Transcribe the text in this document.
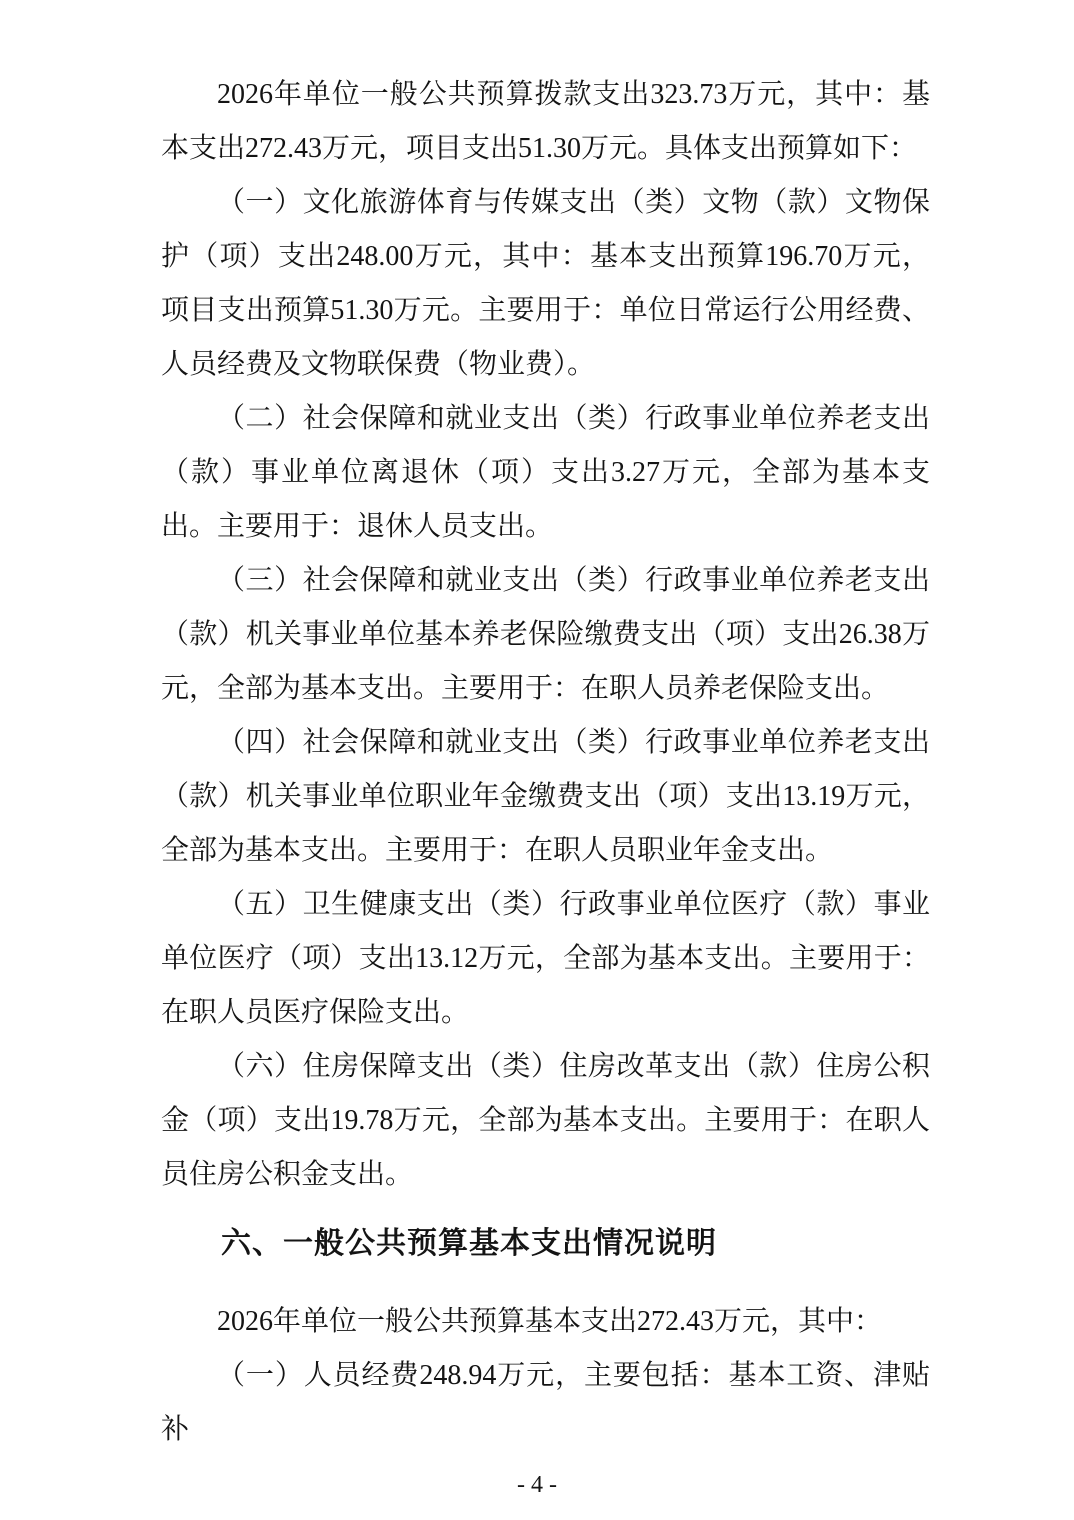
2026年单位一般公共预算拨款支出323.73万元，其中：基本支出272.43万元，项目支出51.30万元。具体支出预算如下：

（一）文化旅游体育与传媒支出（类）文物（款）文物保护（项）支出248.00万元，其中：基本支出预算196.70万元，项目支出预算51.30万元。主要用于：单位日常运行公用经费、人员经费及文物联保费（物业费）。

（二）社会保障和就业支出（类）行政事业单位养老支出（款）事业单位离退休（项）支出3.27万元，全部为基本支出。主要用于：退休人员支出。

（三）社会保障和就业支出（类）行政事业单位养老支出（款）机关事业单位基本养老保险缴费支出（项）支出26.38万元，全部为基本支出。主要用于：在职人员养老保险支出。

（四）社会保障和就业支出（类）行政事业单位养老支出（款）机关事业单位职业年金缴费支出（项）支出13.19万元，全部为基本支出。主要用于：在职人员职业年金支出。

（五）卫生健康支出（类）行政事业单位医疗（款）事业单位医疗（项）支出13.12万元，全部为基本支出。主要用于：在职人员医疗保险支出。

（六）住房保障支出（类）住房改革支出（款）住房公积金（项）支出19.78万元，全部为基本支出。主要用于：在职人员住房公积金支出。

六、一般公共预算基本支出情况说明

2026年单位一般公共预算基本支出272.43万元，其中：

（一）人员经费248.94万元，主要包括：基本工资、津贴补

- 4 -
